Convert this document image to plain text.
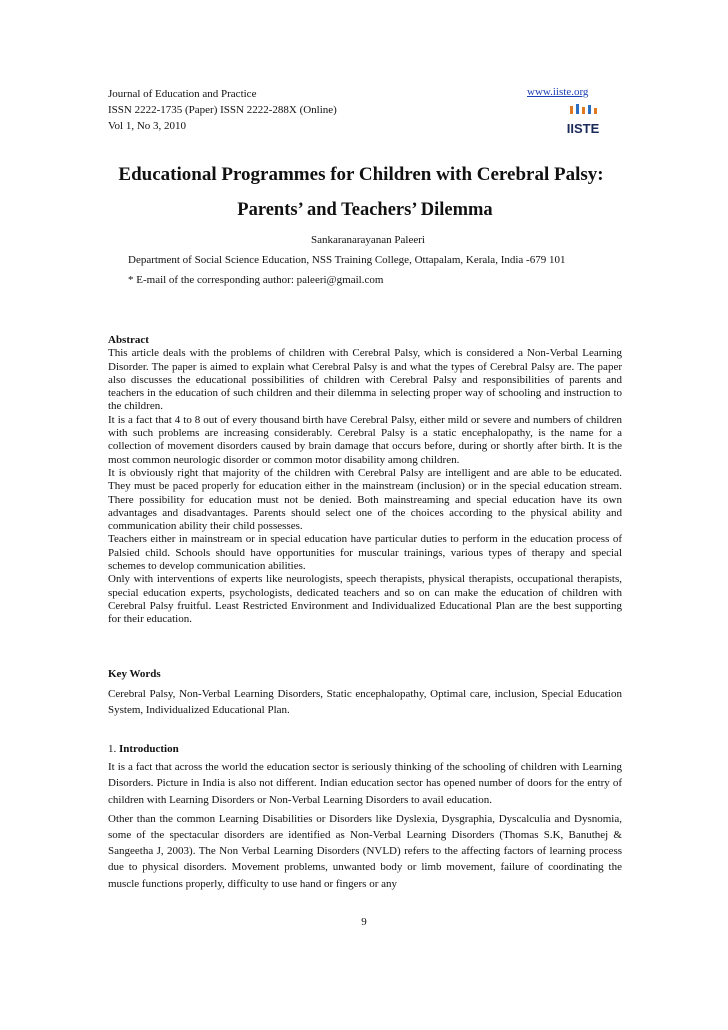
Journal of Education and Practice
ISSN 2222-1735 (Paper) ISSN 2222-288X (Online)
Vol 1, No 3, 2010
www.iiste.org
IISTE
Educational Programmes for Children with Cerebral Palsy:
Parents’ and Teachers’ Dilemma
Sankaranarayanan Paleeri
Department of Social Science Education, NSS Training College, Ottapalam, Kerala, India -679 101
* E-mail of the corresponding author: paleeri@gmail.com
Abstract

This article deals with the problems of children with Cerebral Palsy, which is considered a Non-Verbal Learning Disorder. The paper is aimed to explain what Cerebral Palsy is and what the types of Cerebral Palsy are. The paper also discusses the educational possibilities of children with Cerebral Palsy and responsibilities of parents and teachers in the education of such children and their dilemma in selecting proper way of schooling and instruction to the children.

It is a fact that 4 to 8 out of every thousand birth have Cerebral Palsy, either mild or severe and numbers of children with such problems are increasing considerably. Cerebral Palsy is a static encephalopathy, is the name for a collection of movement disorders caused by brain damage that occurs before, during or shortly after birth. It is the most common neurologic disorder or common motor disability among children.

It is obviously right that majority of the children with Cerebral Palsy are intelligent and are able to be educated. They must be paced properly for education either in the mainstream (inclusion) or in the special education stream. There possibility for education must not be denied. Both mainstreaming and special education have its own advantages and disadvantages. Parents should select one of the choices according to the physical ability and communication ability their child possesses.

Teachers either in mainstream or in special education have particular duties to perform in the education process of Palsied child. Schools should have opportunities for muscular trainings, various types of therapy and special schemes to develop communication abilities.

Only with interventions of experts like neurologists, speech therapists, physical therapists, occupational therapists, special education experts, psychologists, dedicated teachers and so on can make the education of children with Cerebral Palsy fruitful. Least Restricted Environment and Individualized Educational Plan are the best supporting for their education.

Key Words

Cerebral Palsy, Non-Verbal Learning Disorders, Static encephalopathy, Optimal care, inclusion, Special Education System, Individualized Educational Plan.

1. Introduction

It is a fact that across the world the education sector is seriously thinking of the schooling of children with Learning Disorders. Picture in India is also not different. Indian education sector has opened number of doors for the entry of children with Learning Disorders or Non-Verbal Learning Disorders to avail education.

Other than the common Learning Disabilities or Disorders like Dyslexia, Dysgraphia, Dyscalculia and Dysnomia, some of the spectacular disorders are identified as Non-Verbal Learning Disorders (Thomas S.K, Banuthej & Sangeetha J, 2003). The Non Verbal Learning Disorders (NVLD) refers to the affecting factors of learning process due to physical disorders. Movement problems, unwanted body or limb movement, failure of coordinating the muscle functions properly, difficulty to use hand or fingers or any

9
